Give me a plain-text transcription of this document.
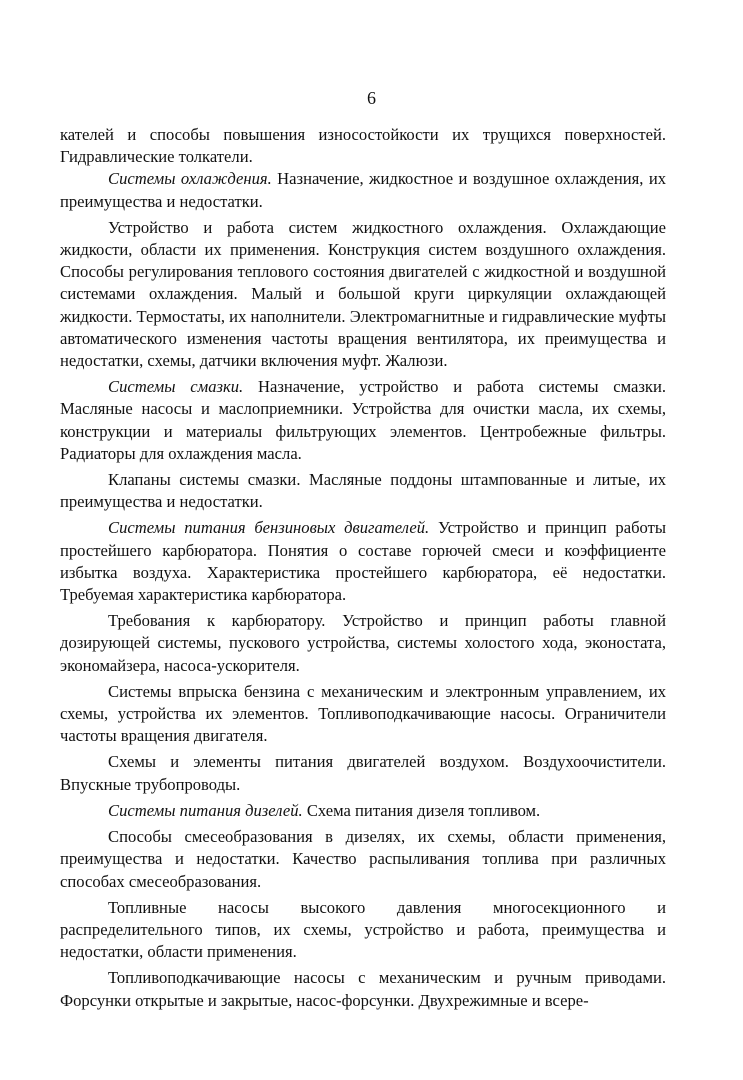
6

кателей и способы повышения износостойкости их трущихся поверхностей. Гидравлические толкатели.

Системы охлаждения. Назначение, жидкостное и воздушное охлаждения, их преимущества и недостатки.

Устройство и работа систем жидкостного охлаждения. Охлаждающие жидкости, области их применения. Конструкция систем воздушного охлаждения. Способы регулирования теплового состояния двигателей с жидкостной и воздушной системами охлаждения. Малый и большой круги циркуляции охлаждающей жидкости. Термостаты, их наполнители. Электромагнитные и гидравлические муфты автоматического изменения частоты вращения вентилятора, их преимущества и недостатки, схемы, датчики включения муфт. Жалюзи.

Системы смазки. Назначение, устройство и работа системы смазки. Масляные насосы и маслоприемники. Устройства для очистки масла, их схемы, конструкции и материалы фильтрующих элементов. Центробежные фильтры. Радиаторы для охлаждения масла.

Клапаны системы смазки. Масляные поддоны штампованные и литые, их преимущества и недостатки.

Системы питания бензиновых двигателей. Устройство и принцип работы простейшего карбюратора. Понятия о составе горючей смеси и коэффициенте избытка воздуха. Характеристика простейшего карбюратора, её недостатки. Требуемая характеристика карбюратора.

Требования к карбюратору. Устройство и принцип работы главной дозирующей системы, пускового устройства, системы холостого хода, эконостата, экономайзера, насоса-ускорителя.

Системы впрыска бензина с механическим и электронным управлением, их схемы, устройства их элементов. Топливоподкачивающие насосы. Ограничители частоты вращения двигателя.

Схемы и элементы питания двигателей воздухом. Воздухоочистители. Впускные трубопроводы.

Системы питания дизелей. Схема питания дизеля топливом.

Способы смесеобразования в дизелях, их схемы, области применения, преимущества и недостатки. Качество распыливания топлива при различных способах смесеобразования.

Топливные насосы высокого давления многосекционного и распределительного типов, их схемы, устройство и работа, преимущества и недостатки, области применения.

Топливоподкачивающие насосы с механическим и ручным приводами. Форсунки открытые и закрытые, насос-форсунки. Двухрежимные и всере-
